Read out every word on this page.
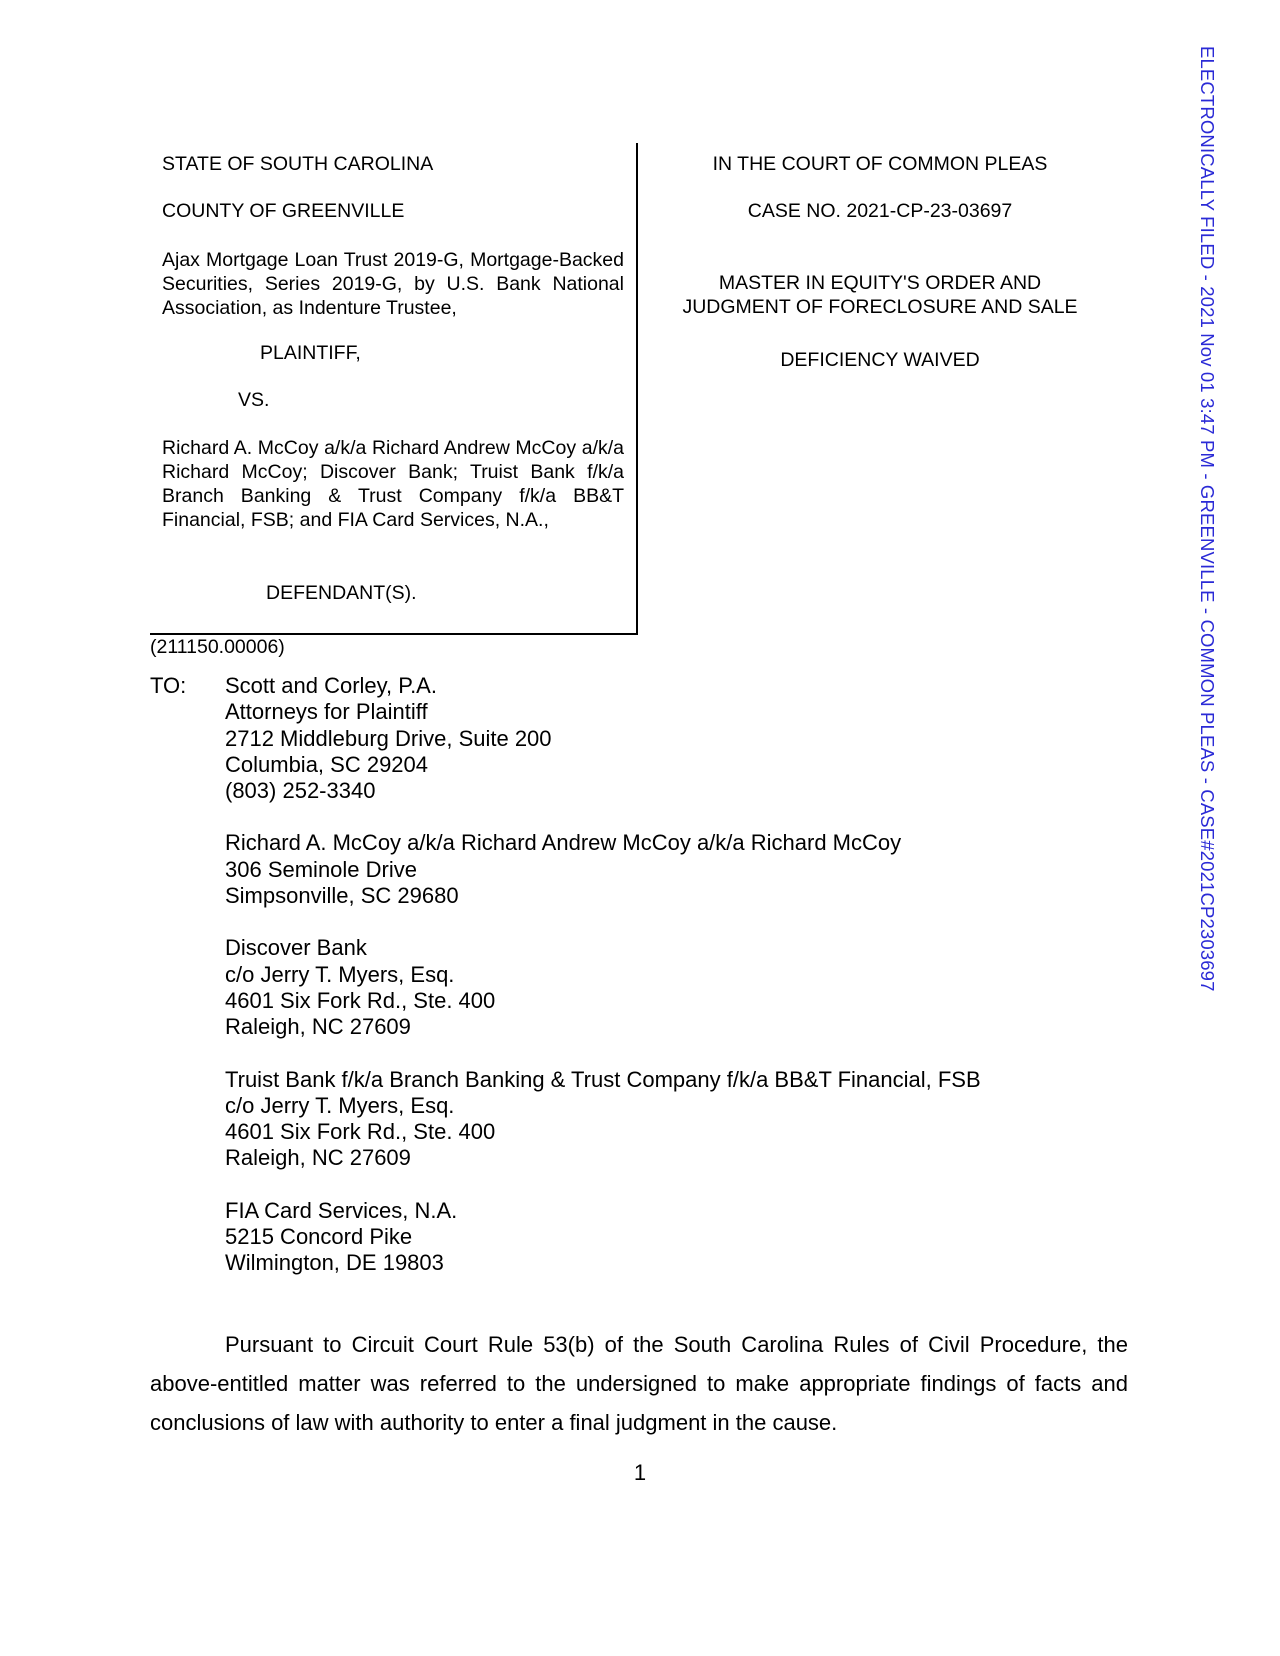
STATE OF SOUTH CAROLINA
COUNTY OF GREENVILLE
Ajax Mortgage Loan Trust 2019-G, Mortgage-Backed Securities, Series 2019-G, by U.S. Bank National Association, as Indenture Trustee,
PLAINTIFF,
VS.
Richard A. McCoy a/k/a Richard Andrew McCoy a/k/a Richard McCoy; Discover Bank; Truist Bank f/k/a Branch Banking & Trust Company f/k/a BB&T Financial, FSB; and FIA Card Services, N.A.,
DEFENDANT(S).
IN THE COURT OF COMMON PLEAS
CASE NO. 2021-CP-23-03697
MASTER IN EQUITY'S ORDER AND
JUDGMENT OF FORECLOSURE AND SALE
DEFICIENCY WAIVED
(211150.00006)
TO: Scott and Corley, P.A.
Attorneys for Plaintiff
2712 Middleburg Drive, Suite 200
Columbia, SC 29204
(803) 252-3340
Richard A. McCoy a/k/a Richard Andrew McCoy a/k/a Richard McCoy
306 Seminole Drive
Simpsonville, SC 29680
Discover Bank
c/o Jerry T. Myers, Esq.
4601 Six Fork Rd., Ste. 400
Raleigh, NC 27609
Truist Bank f/k/a Branch Banking & Trust Company f/k/a BB&T Financial, FSB
c/o Jerry T. Myers, Esq.
4601 Six Fork Rd., Ste. 400
Raleigh, NC 27609
FIA Card Services, N.A.
5215 Concord Pike
Wilmington, DE 19803
Pursuant to Circuit Court Rule 53(b) of the South Carolina Rules of Civil Procedure, the above-entitled matter was referred to the undersigned to make appropriate findings of facts and conclusions of law with authority to enter a final judgment in the cause.
1
ELECTRONICALLY FILED - 2021 Nov 01 3:47 PM - GREENVILLE - COMMON PLEAS - CASE#2021CP2303697
